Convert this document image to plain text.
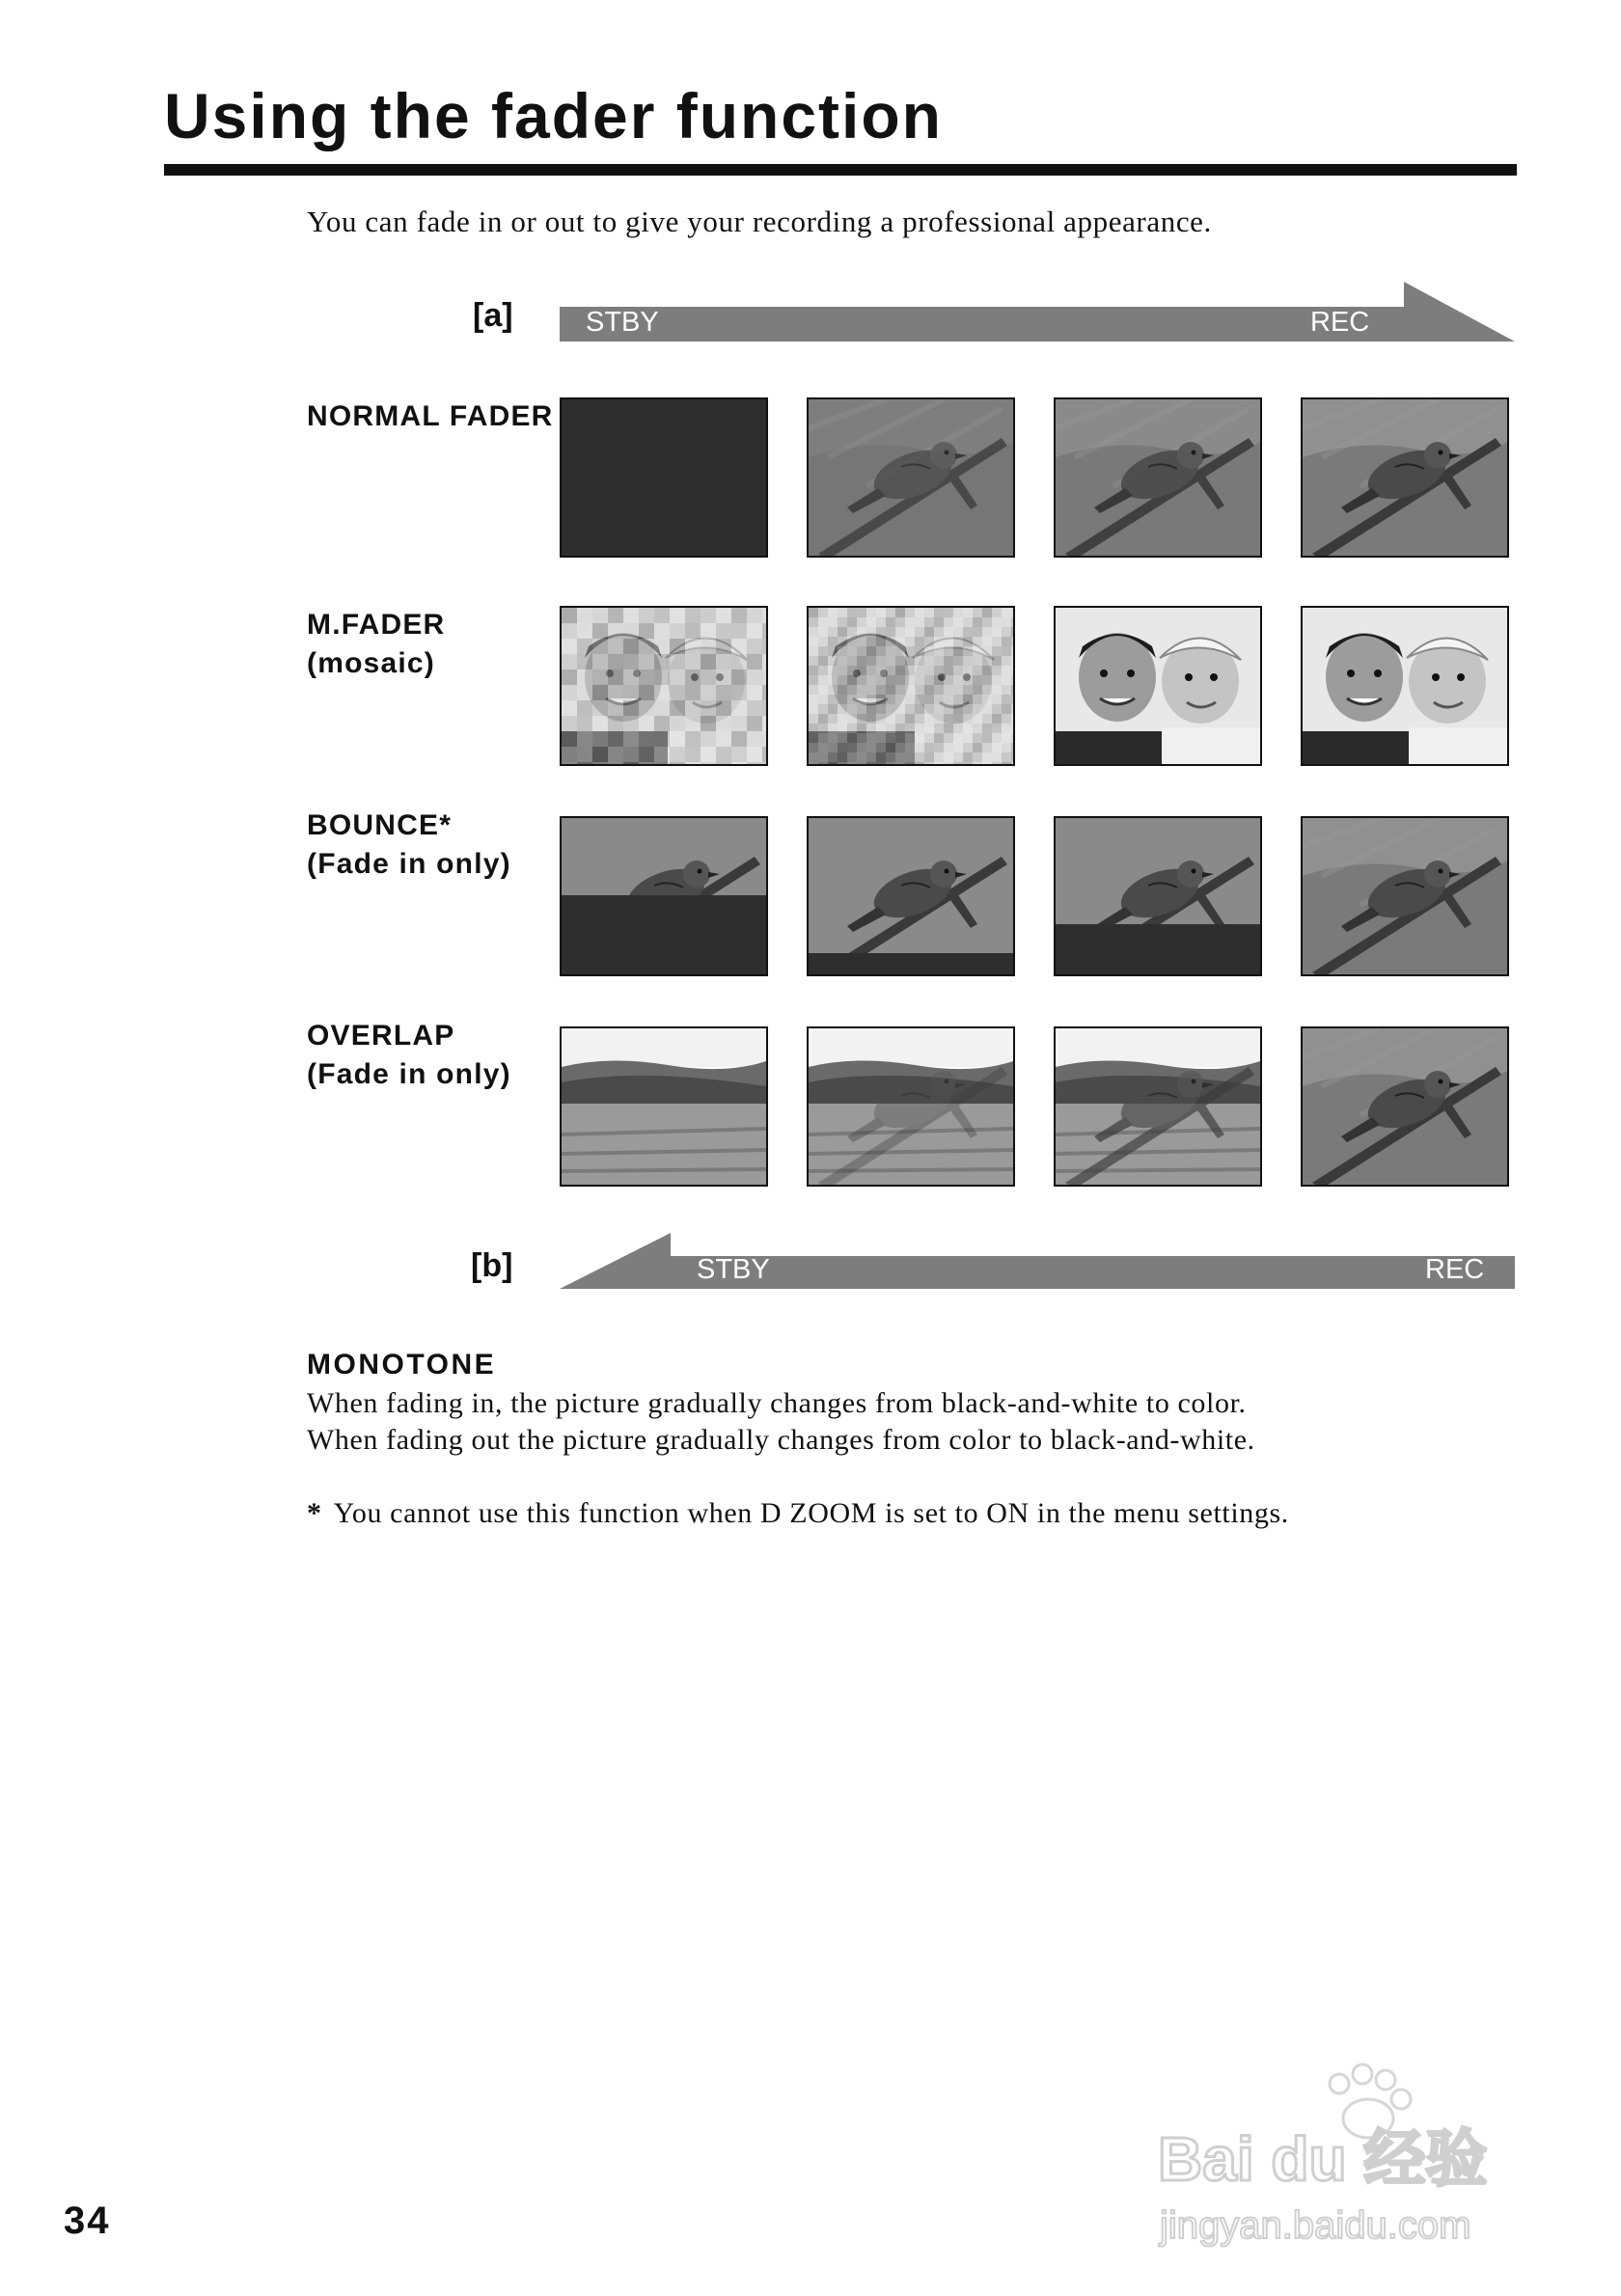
Using the fader function
You can fade in or out to give your recording a professional appearance.
[a]	STBY	REC
NORMAL FADER
M.FADER
(mosaic)
BOUNCE*
(Fade in only)
OVERLAP
(Fade in only)
[b]	STBY	REC
MONOTONE
When fading in, the picture gradually changes from black-and-white to color.
When fading out the picture gradually changes from color to black-and-white.
* You cannot use this function when D ZOOM is set to ON in the menu settings.
34
Bai du 经验
jingyan.baidu.com
